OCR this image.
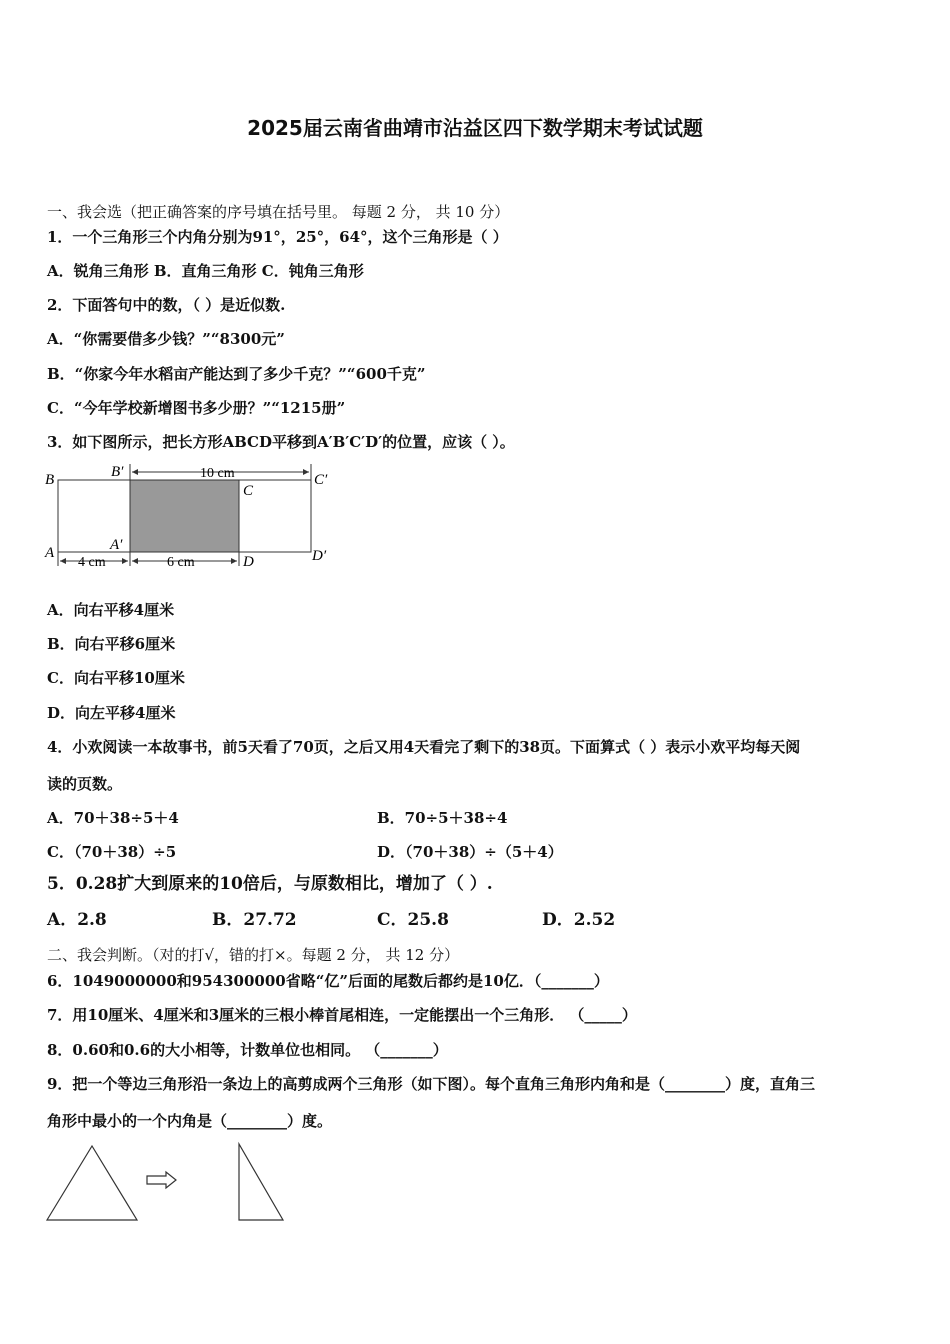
2025届云南省曲靖市沾益区四下数学期末考试试题
一、我会选（把正确答案的序号填在括号里。 每题 2 分， 共 10 分）
1．一个三角形三个内角分别为91°，25°，64°，这个三角形是（ ）
A．锐角三角形 B．直角三角形 C．钝角三角形
2．下面答句中的数，（ ）是近似数.
A．“你需要借多少钱？”“8300元”
B．“你家今年水稻亩产能达到了多少千克？”“600千克”
C．“今年学校新增图书多少册？”“1215册”
3．如下图所示，把长方形ABCD平移到A′B′C′D′的位置，应该（ ）。
B	B′	10 cm
C
C′
A	A′
4 cm	6 cm	D	D′
A．向右平移4厘米
B．向右平移6厘米
C．向右平移10厘米
D．向左平移4厘米
4．小欢阅读一本故事书，前5天看了70页，之后又用4天看完了剩下的38页。下面算式（ ）表示小欢平均每天阅
读的页数。
A．70＋38÷5＋4	B．70÷5＋38÷4
C．（70＋38）÷5	D．（70＋38）÷（5＋4）
5．0.28扩大到原来的10倍后，与原数相比，增加了（ ）.
A．2.8	B．27.72	C．25.8	D．2.52
二、我会判断。（对的打√，错的打×。每题 2 分， 共 12 分）
6．1049000000和954300000省略“亿”后面的尾数后都约是10亿．（_______）
7．用10厘米、4厘米和3厘米的三根小棒首尾相连，一定能摆出一个三角形． （_____）
8．0.60和0.6的大小相等，计数单位也相同。 （_______）
9．把一个等边三角形沿一条边上的高剪成两个三角形（如下图）。每个直角三角形内角和是（________）度，直角三
角形中最小的一个内角是（________）度。
